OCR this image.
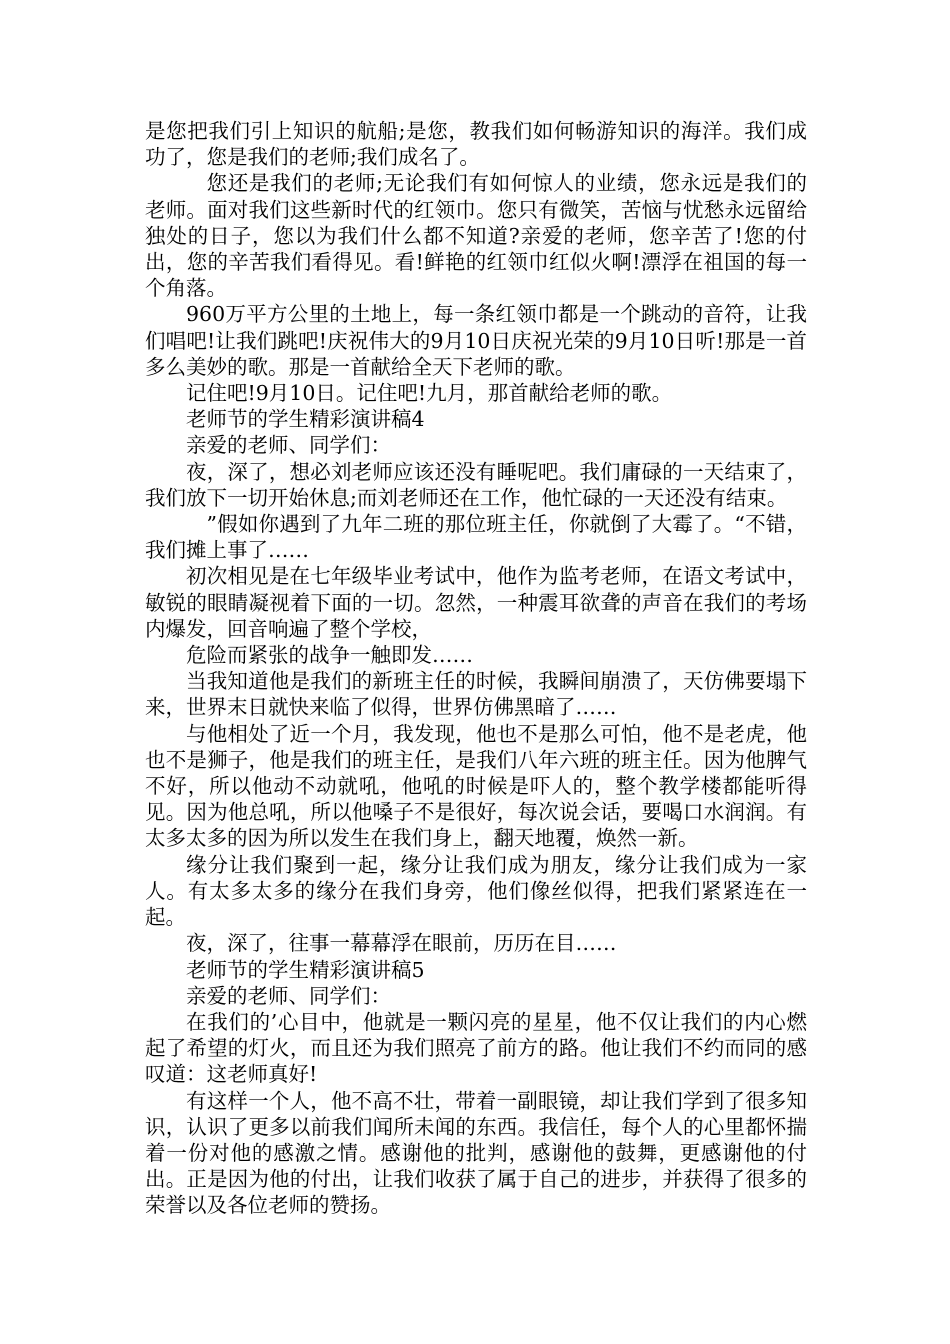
是您把我们引上知识的航船;是您，教我们如何畅游知识的海洋。我们成功了，您是我们的老师;我们成名了。

您还是我们的老师;无论我们有如何惊人的业绩，您永远是我们的老师。面对我们这些新时代的红领巾。您只有微笑，苦恼与忧愁永远留给独处的日子，您以为我们什么都不知道?亲爱的老师，您辛苦了!您的付出，您的辛苦我们看得见。看!鲜艳的红领巾红似火啊!漂浮在祖国的每一个角落。

960万平方公里的土地上，每一条红领巾都是一个跳动的音符，让我们唱吧!让我们跳吧!庆祝伟大的9月10日庆祝光荣的9月10日听!那是一首多么美妙的歌。那是一首献给全天下老师的歌。

记住吧!9月10日。记住吧!九月，那首献给老师的歌。

老师节的学生精彩演讲稿4

亲爱的老师、同学们：

夜，深了，想必刘老师应该还没有睡呢吧。我们庸碌的一天结束了，我们放下一切开始休息;而刘老师还在工作，他忙碌的一天还没有结束。

”假如你遇到了九年二班的那位班主任，你就倒了大霉了。“不错，我们摊上事了……

初次相见是在七年级毕业考试中，他作为监考老师，在语文考试中，敏锐的眼睛凝视着下面的一切。忽然，一种震耳欲聋的声音在我们的考场内爆发，回音响遍了整个学校，

危险而紧张的战争一触即发……

当我知道他是我们的新班主任的时候，我瞬间崩溃了，天仿佛要塌下来，世界末日就快来临了似得，世界仿佛黑暗了……

与他相处了近一个月，我发现，他也不是那么可怕，他不是老虎，他也不是狮子，他是我们的班主任，是我们八年六班的班主任。因为他脾气不好，所以他动不动就吼，他吼的时候是吓人的，整个教学楼都能听得见。因为他总吼，所以他嗓子不是很好，每次说会话，要喝口水润润。有太多太多的因为所以发生在我们身上，翻天地覆，焕然一新。

缘分让我们聚到一起，缘分让我们成为朋友，缘分让我们成为一家人。有太多太多的缘分在我们身旁，他们像丝似得，把我们紧紧连在一起。

夜，深了，往事一幕幕浮在眼前，历历在目……

老师节的学生精彩演讲稿5

亲爱的老师、同学们：

在我们的’心目中，他就是一颗闪亮的星星，他不仅让我们的内心燃起了希望的灯火，而且还为我们照亮了前方的路。他让我们不约而同的感叹道：这老师真好!

有这样一个人，他不高不壮，带着一副眼镜，却让我们学到了很多知识，认识了更多以前我们闻所未闻的东西。我信任，每个人的心里都怀揣着一份对他的感激之情。感谢他的批判，感谢他的鼓舞，更感谢他的付出。正是因为他的付出，让我们收获了属于自己的进步，并获得了很多的荣誉以及各位老师的赞扬。
